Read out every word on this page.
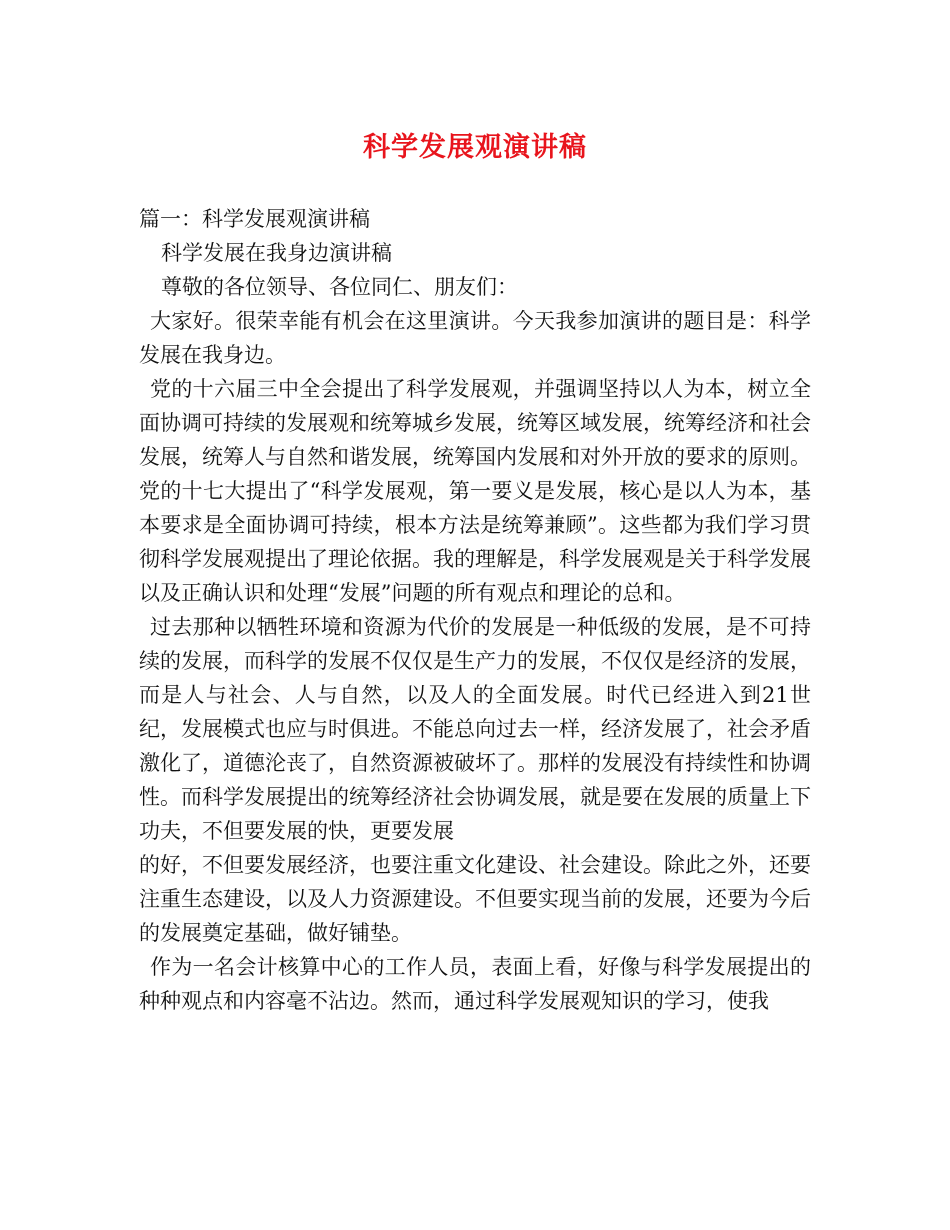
科学发展观演讲稿
篇一：科学发展观演讲稿
科学发展在我身边演讲稿
尊敬的各位领导、各位同仁、朋友们：
大家好。很荣幸能有机会在这里演讲。今天我参加演讲的题目是：科学发展在我身边。
党的十六届三中全会提出了科学发展观，并强调坚持以人为本，树立全面协调可持续的发展观和统筹城乡发展，统筹区域发展，统筹经济和社会发展，统筹人与自然和谐发展，统筹国内发展和对外开放的要求的原则。党的十七大提出了“科学发展观，第一要义是发展，核心是以人为本，基本要求是全面协调可持续，根本方法是统筹兼顾”。这些都为我们学习贯彻科学发展观提出了理论依据。我的理解是，科学发展观是关于科学发展以及正确认识和处理“发展”问题的所有观点和理论的总和。
过去那种以牺牲环境和资源为代价的发展是一种低级的发展，是不可持续的发展，而科学的发展不仅仅是生产力的发展，不仅仅是经济的发展，而是人与社会、人与自然，以及人的全面发展。时代已经进入到21世纪，发展模式也应与时俱进。不能总向过去一样，经济发展了，社会矛盾激化了，道德沦丧了，自然资源被破坏了。那样的发展没有持续性和协调性。而科学发展提出的统筹经济社会协调发展，就是要在发展的质量上下功夫，不但要发展的快，更要发展
的好，不但要发展经济，也要注重文化建设、社会建设。除此之外，还要注重生态建设，以及人力资源建设。不但要实现当前的发展，还要为今后的发展奠定基础，做好铺垫。
作为一名会计核算中心的工作人员，表面上看，好像与科学发展提出的种种观点和内容毫不沾边。然而，通过科学发展观知识的学习，使我
